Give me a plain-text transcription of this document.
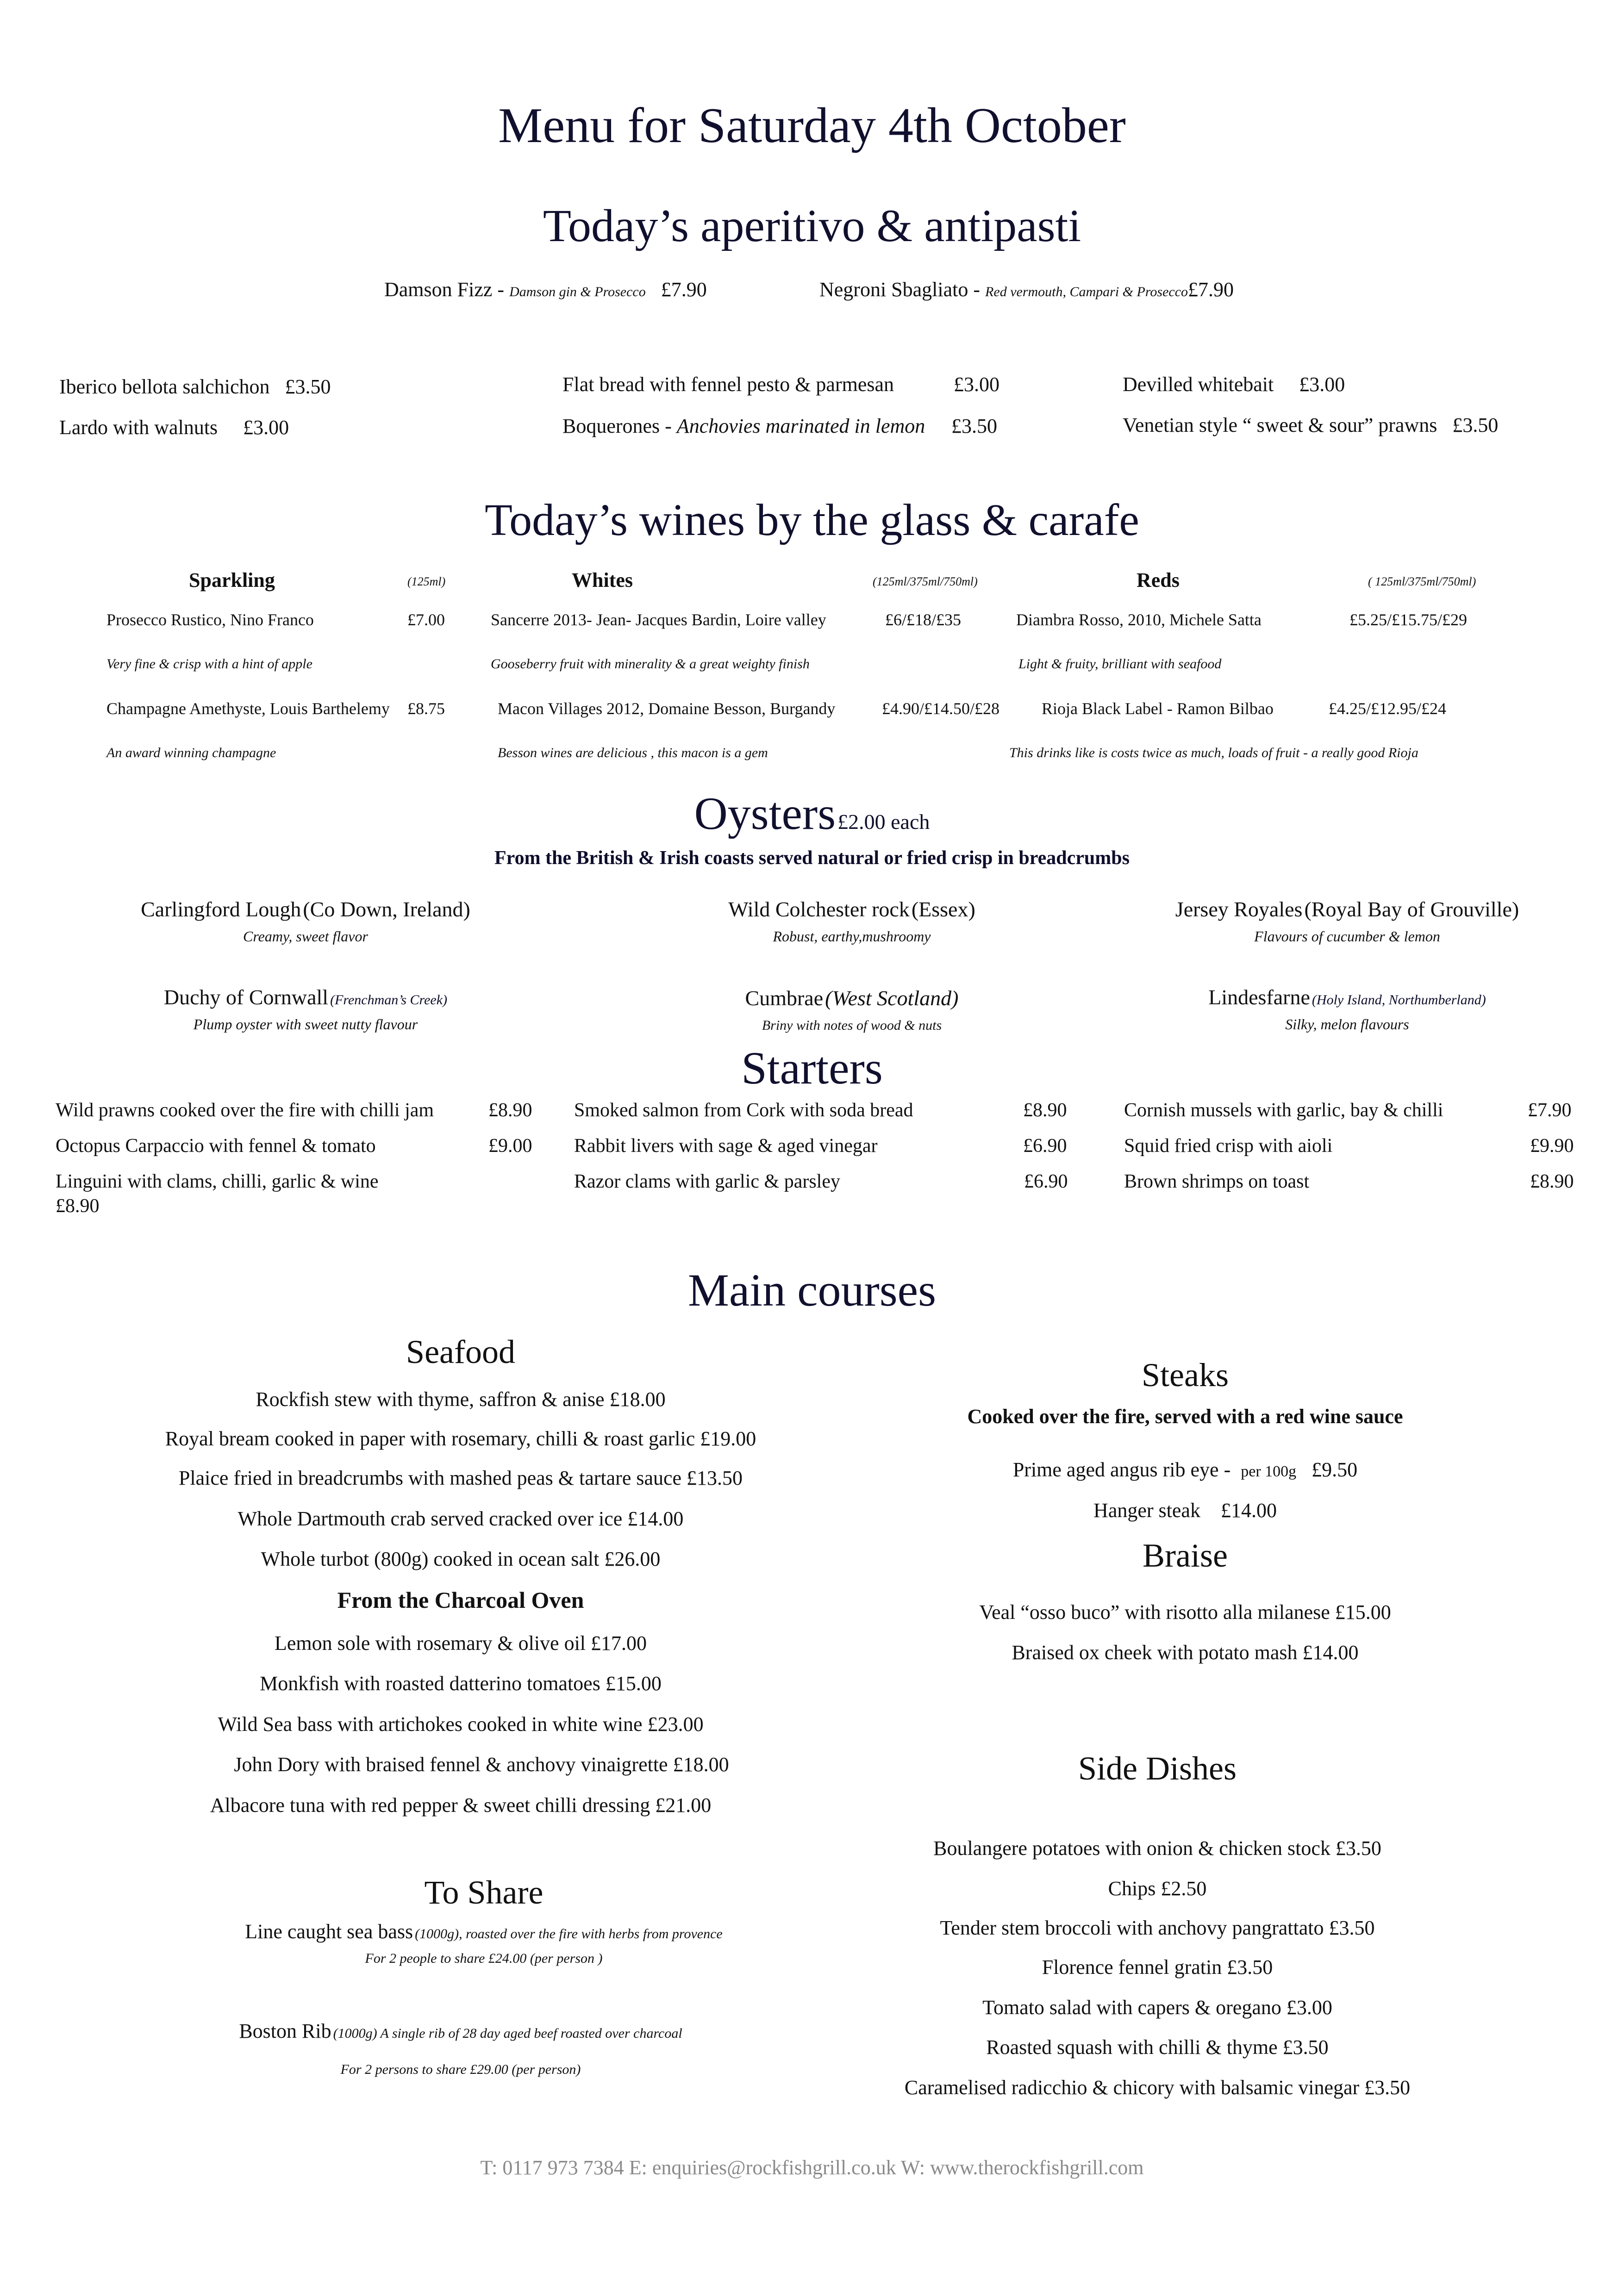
Menu for Saturday 4th October
Today’s aperitivo & antipasti
Damson Fizz - Damson gin & Prosecco £7.90	Negroni Sbagliato - Red vermouth, Campari & Prosecco£7.90
Iberico bellota salchichon £3.50
Lardo with walnuts £3.00
Flat bread with fennel pesto & parmesan	£3.00
Boquerones - Anchovies marinated in lemon £3.50
Devilled whitebait £3.00
Venetian style “ sweet & sour” prawns £3.50
Today’s wines by the glass & carafe
Sparkling	(125ml)	Whites	(125ml/375ml/750ml)	Reds	( 125ml/375ml/750ml)
Prosecco Rustico, Nino Franco	£7.00
Very fine & crisp with a hint of apple
Champagne Amethyste, Louis Barthelemy £8.75
An award winning champagne
Sancerre 2013- Jean- Jacques Bardin, Loire valley	£6/£18/£35
Gooseberry fruit with minerality & a great weighty finish
Macon Villages 2012, Domaine Besson, Burgandy	£4.90/£14.50/£28
Besson wines are delicious , this macon is a gem
Diambra Rosso, 2010, Michele Satta	£5.25/£15.75/£29
Light & fruity, brilliant with seafood
Rioja Black Label - Ramon Bilbao	£4.25/£12.95/£24
This drinks like is costs twice as much, loads of fruit - a really good Rioja
Oysters £2.00 each
From the British & Irish coasts served natural or fried crisp in breadcrumbs
Carlingford Lough (Co Down, Ireland)
Creamy, sweet flavor
Wild Colchester rock (Essex)
Robust, earthy,mushroomy
Jersey Royales (Royal Bay of Grouville)
Flavours of cucumber & lemon
Duchy of Cornwall (Frenchman’s Creek)
Plump oyster with sweet nutty flavour
Cumbrae (West Scotland)
Briny with notes of wood & nuts
Lindesfarne (Holy Island, Northumberland)
Silky, melon flavours
Starters
Wild prawns cooked over the fire with chilli jam	£8.90
Octopus Carpaccio with fennel & tomato	£9.00
Linguini with clams, chilli, garlic & wine
£8.90
Smoked salmon from Cork with soda bread	£8.90
Rabbit livers with sage & aged vinegar	£6.90
Razor clams with garlic & parsley	£6.90
Cornish mussels with garlic, bay & chilli	£7.90
Squid fried crisp with aioli	£9.90
Brown shrimps on toast	£8.90
Main courses
Seafood
Rockfish stew with thyme, saffron & anise £18.00
Royal bream cooked in paper with rosemary, chilli & roast garlic £19.00
Plaice fried in breadcrumbs with mashed peas & tartare sauce £13.50
Whole Dartmouth crab served cracked over ice £14.00
Whole turbot (800g) cooked in ocean salt £26.00
From the Charcoal Oven
Lemon sole with rosemary & olive oil £17.00
Monkfish with roasted datterino tomatoes £15.00
Wild Sea bass with artichokes cooked in white wine £23.00
John Dory with braised fennel & anchovy vinaigrette £18.00
Albacore tuna with red pepper & sweet chilli dressing £21.00
To Share
Line caught sea bass (1000g), roasted over the fire with herbs from provence
For 2 people to share £24.00 (per person )
Boston Rib (1000g) A single rib of 28 day aged beef roasted over charcoal
For 2 persons to share £29.00 (per person)
Steaks
Cooked over the fire, served with a red wine sauce
Prime aged angus rib eye - per 100g £9.50
Hanger steak £14.00
Braise
Veal “osso buco” with risotto alla milanese £15.00
Braised ox cheek with potato mash £14.00
Side Dishes
Boulangere potatoes with onion & chicken stock £3.50
Chips £2.50
Tender stem broccoli with anchovy pangrattato £3.50
Florence fennel gratin £3.50
Tomato salad with capers & oregano £3.00
Roasted squash with chilli & thyme £3.50
Caramelised radicchio & chicory with balsamic vinegar £3.50
T: 0117 973 7384 E: enquiries@rockfishgrill.co.uk W: www.therockfishgrill.com
